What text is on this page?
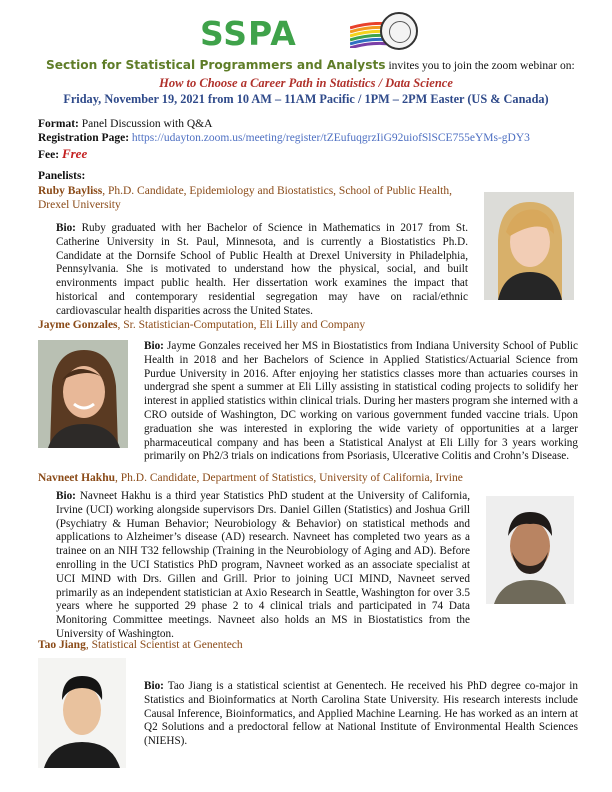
SSPA
Section for Statistical Programmers and Analysts invites you to join the zoom webinar on:
How to Choose a Career Path in Statistics / Data Science
Friday, November 19, 2021 from 10 AM – 11AM Pacific / 1PM – 2PM Easter (US & Canada)
Format: Panel Discussion with Q&A
Registration Page: https://udayton.zoom.us/meeting/register/tZEufuqgrzIiG92uiofSlSCE755eYMs-gDY3
Fee: Free
Panelists:
Ruby Bayliss, Ph.D. Candidate, Epidemiology and Biostatistics, School of Public Health, Drexel University
Bio: Ruby graduated with her Bachelor of Science in Mathematics in 2017 from St. Catherine University in St. Paul, Minnesota, and is currently a Biostatistics Ph.D. Candidate at the Dornsife School of Public Health at Drexel University in Philadelphia, Pennsylvania. She is motivated to understand how the physical, social, and built environments impact public health. Her dissertation work examines the impact that historical and contemporary residential segregation may have on racial/ethnic cardiovascular health disparities across the United States.
Jayme Gonzales, Sr. Statistician-Computation, Eli Lilly and Company
Bio: Jayme Gonzales received her MS in Biostatistics from Indiana University School of Public Health in 2018 and her Bachelors of Science in Applied Statistics/Actuarial Science from Purdue University in 2016. After enjoying her statistics classes more than actuaries courses in undergrad she spent a summer at Eli Lilly assisting in statistical coding projects to solidify her interest in applied statistics within clinical trials. During her masters program she interned with a CRO outside of Washington, DC working on various government funded vaccine trials. Upon graduation she was interested in exploring the wide variety of opportunities at a larger pharmaceutical company and has been a Statistical Analyst at Eli Lilly for 3 years working primarily on Ph2/3 trials on indications from Psoriasis, Ulcerative Colitis and Crohn’s Disease.
Navneet Hakhu, Ph.D. Candidate, Department of Statistics, University of California, Irvine
Bio: Navneet Hakhu is a third year Statistics PhD student at the University of California, Irvine (UCI) working alongside supervisors Drs. Daniel Gillen (Statistics) and Joshua Grill (Psychiatry & Human Behavior; Neurobiology & Behavior) on statistical methods and applications to Alzheimer’s disease (AD) research. Navneet has completed two years as a trainee on an NIH T32 fellowship (Training in the Neurobiology of Aging and AD). Before enrolling in the UCI Statistics PhD program, Navneet worked as an associate specialist at UCI MIND with Drs. Gillen and Grill. Prior to joining UCI MIND, Navneet served primarily as an independent statistician at Axio Research in Seattle, Washington for over 3.5 years where he supported 29 phase 2 to 4 clinical trials and participated in 74 Data Monitoring Committee meetings. Navneet also holds an MS in Biostatistics from the University of Washington.
Tao Jiang, Statistical Scientist at Genentech
Bio: Tao Jiang is a statistical scientist at Genentech. He received his PhD degree co-major in Statistics and Bioinformatics at North Carolina State University. His research interests include Causal Inference, Bioinformatics, and Applied Machine Learning. He has worked as an intern at Q2 Solutions and a predoctoral fellow at National Institute of Environmental Health Sciences (NIEHS).
